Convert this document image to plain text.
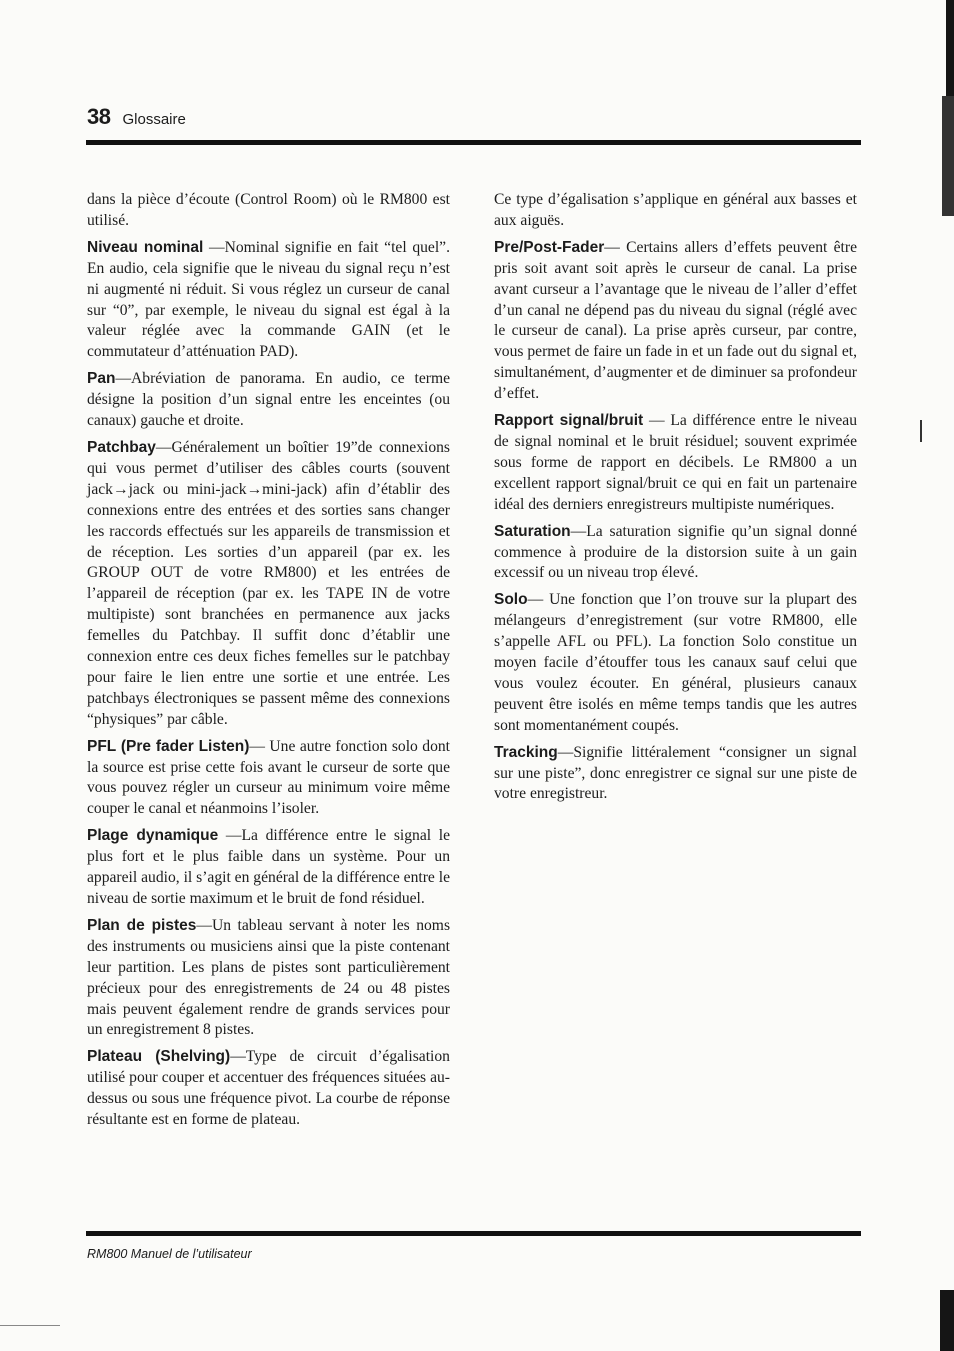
38 Glossaire

dans la pièce d’écoute (Control Room) où le RM800 est utilisé.

Niveau nominal —Nominal signifie en fait “tel quel”. En audio, cela signifie que le niveau du signal reçu n’est ni augmenté ni réduit. Si vous réglez un curseur de canal sur “0”, par exemple, le niveau du signal est égal à la valeur réglée avec la commande GAIN (et le commutateur d’atténuation PAD).

Pan—Abréviation de panorama. En audio, ce terme désigne la position d’un signal entre les enceintes (ou canaux) gauche et droite.

Patchbay—Généralement un boîtier 19”de connexions qui vous permet d’utiliser des câbles courts (souvent jack→jack ou mini-jack→mini-jack) afin d’établir des connexions entre des entrées et des sorties sans changer les raccords effectués sur les appareils de transmission et de réception. Les sorties d’un appareil (par ex. les GROUP OUT de votre RM800) et les entrées de l’appareil de réception (par ex. les TAPE IN de votre multipiste) sont branchées en permanence aux jacks femelles du Patchbay. Il suffit donc d’établir une connexion entre ces deux fiches femelles sur le patchbay pour faire le lien entre une sortie et une entrée. Les patchbays électroniques se passent même des connexions “physiques” par câble.

PFL (Pre fader Listen)— Une autre fonction solo dont la source est prise cette fois avant le curseur de sorte que vous pouvez régler un curseur au minimum voire même couper le canal et néanmoins l’isoler.

Plage dynamique —La différence entre le signal le plus fort et le plus faible dans un système. Pour un appareil audio, il s’agit en général de la différence entre le niveau de sortie maximum et le bruit de fond résiduel.

Plan de pistes—Un tableau servant à noter les noms des instruments ou musiciens ainsi que la piste contenant leur partition. Les plans de pistes sont particulièrement précieux pour des enregistrements de 24 ou 48 pistes mais peuvent également rendre de grands services pour un enregistrement 8 pistes.

Plateau (Shelving)—Type de circuit d’égalisation utilisé pour couper et accentuer des fréquences situées au-dessus ou sous une fréquence pivot. La courbe de réponse résultante est en forme de plateau.

Ce type d’égalisation s’applique en général aux basses et aux aiguës.

Pre/Post-Fader— Certains allers d’effets peuvent être pris soit avant soit après le curseur de canal. La prise avant curseur a l’avantage que le niveau de l’aller d’effet d’un canal ne dépend pas du niveau du signal (réglé avec le curseur de canal). La prise après curseur, par contre, vous permet de faire un fade in et un fade out du signal et, simultanément, d’augmenter et de diminuer sa profondeur d’effet.

Rapport signal/bruit — La différence entre le niveau de signal nominal et le bruit résiduel; souvent exprimée sous forme de rapport en décibels. Le RM800 a un excellent rapport signal/bruit ce qui en fait un partenaire idéal des derniers enregistreurs multipiste numériques.

Saturation—La saturation signifie qu’un signal donné commence à produire de la distorsion suite à un gain excessif ou un niveau trop élevé.

Solo— Une fonction que l’on trouve sur la plupart des mélangeurs d’enregistrement (sur votre RM800, elle s’appelle AFL ou PFL). La fonction Solo constitue un moyen facile d’étouffer tous les canaux sauf celui que vous voulez écouter. En général, plusieurs canaux peuvent être isolés en même temps tandis que les autres sont momentanément coupés.

Tracking—Signifie littéralement “consigner un signal sur une piste”, donc enregistrer ce signal sur une piste de votre enregistreur.

RM800 Manuel de l’utilisateur
